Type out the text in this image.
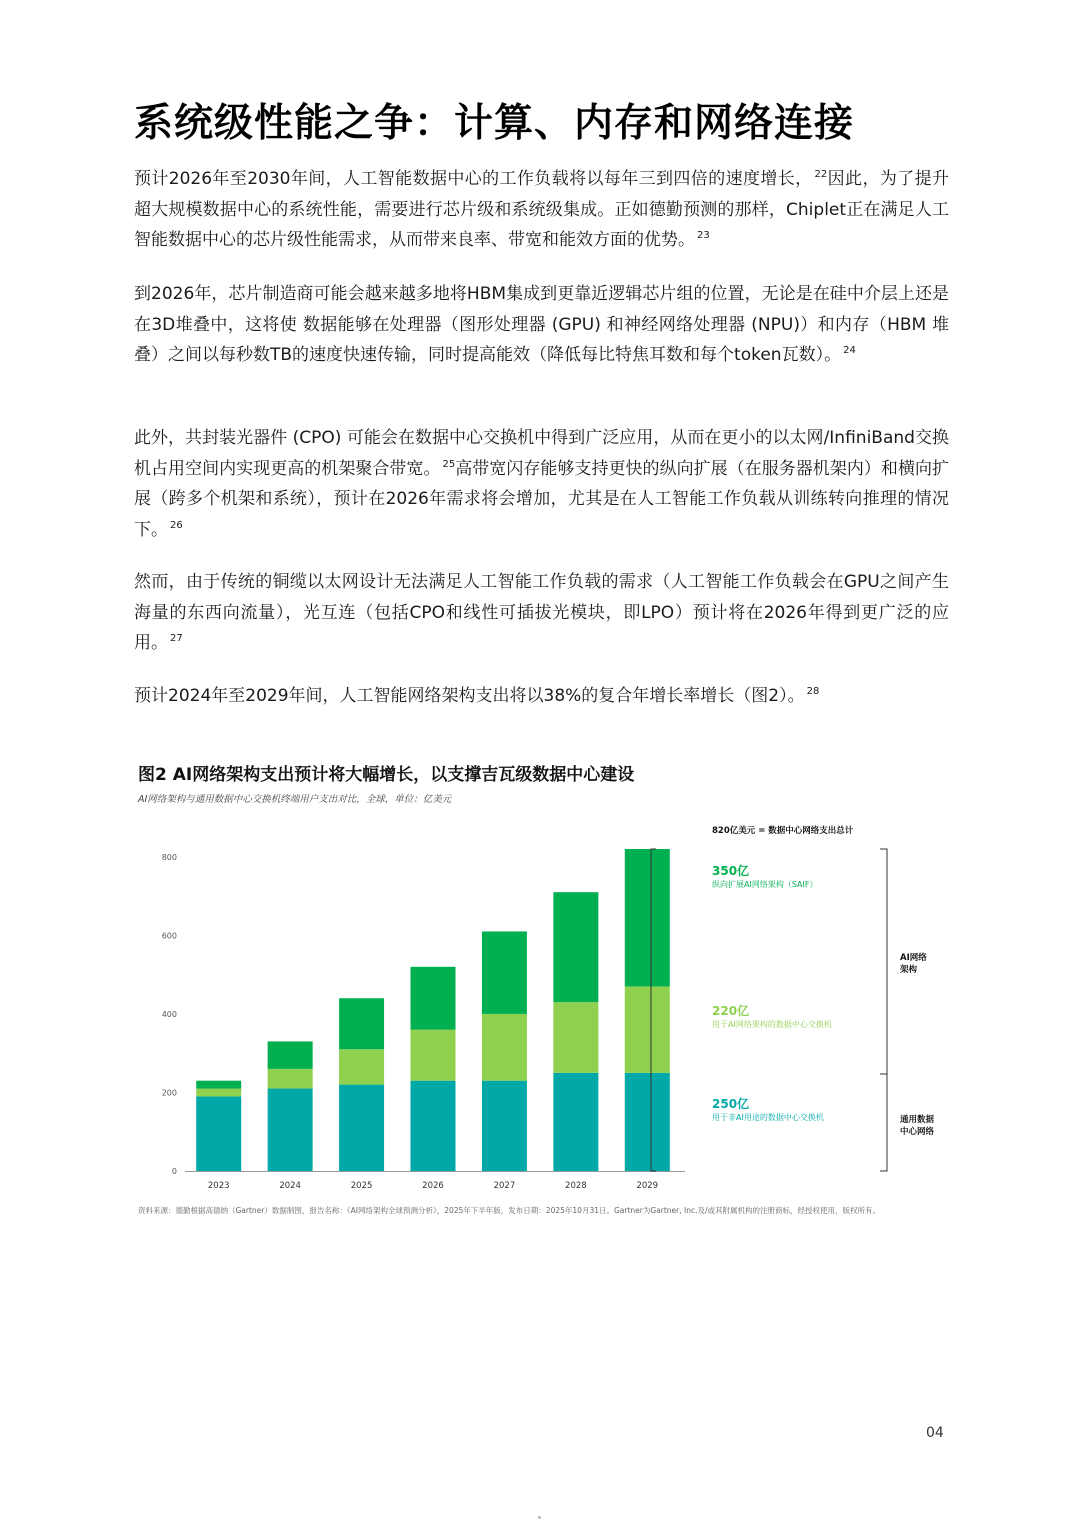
系统级性能之争：计算、内存和网络连接

预计2026年至2030年间，人工智能数据中心的工作负载将以每年三到四倍的速度增长， $^{22}$因此，为了提升超大规模数据中心的系统性能，需要进行芯片级和系统级集成。正如德勤预测的那样，Chiplet正在满足人工智能数据中心的芯片级性能需求，从而带来良率、带宽和能效方面的优势。 $^{23}$

到2026年，芯片制造商可能会越来越多地将HBM集成到更靠近逻辑芯片组的位置，无论是在硅中介层上还是在3D堆叠中，这将使 数据能够在处理器（图形处理器 (GPU) 和神经网络处理器 (NPU)）和内存（HBM 堆叠）之间以每秒数TB的速度快速传输，同时提高能效（降低每比特焦耳数和每个token瓦数）。 $^{24}$

此外，共封装光器件 (CPO) 可能会在数据中心交换机中得到广泛应用，从而在更小的以太网/InfiniBand交换机占用空间内实现更高的机架聚合带宽。 $^{25}$高带宽闪存能够支持更快的纵向扩展（在服务器机架内）和横向扩展（跨多个机架和系统），预计在2026年需求将会增加，尤其是在人工智能工作负载从训练转向推理的情况下。 $^{26}$

然而，由于传统的铜缆以太网设计无法满足人工智能工作负载的需求（人工智能工作负载会在GPU之间产生海量的东西向流量），光互连（包括CPO和线性可插拔光模块，即LPO）预计将在2026年得到更广泛的应用。 $^{27}$

预计2024年至2029年间，人工智能网络架构支出将以38%的复合年增长率增长（图2）。 $^{28}$

图2 AI网络架构支出预计将大幅增长，以支撑吉瓦级数据中心建设

AI网络架构与通用数据中心交换机终端用户支出对比，全球，单位：亿美元

0
200
400
600
800
2023	2024	2025	2026	2027	2028	2029
820亿美元 = 数据中心网络支出总计
350亿
纵向扩展AI网络架构（SAIF）
220亿
用于AI网络架构的数据中心交换机
250亿
用于非AI用途的数据中心交换机
AI网络
架构
通用数据
中心网络

资料来源：德勤根据高德纳（Gartner）数据制图，报告名称：《AI网络架构全球预测分析》，2025年下半年版，发布日期：2025年10月31日。Gartner为Gartner, Inc.及/或其附属机构的注册商标，经授权使用，版权所有。

04
